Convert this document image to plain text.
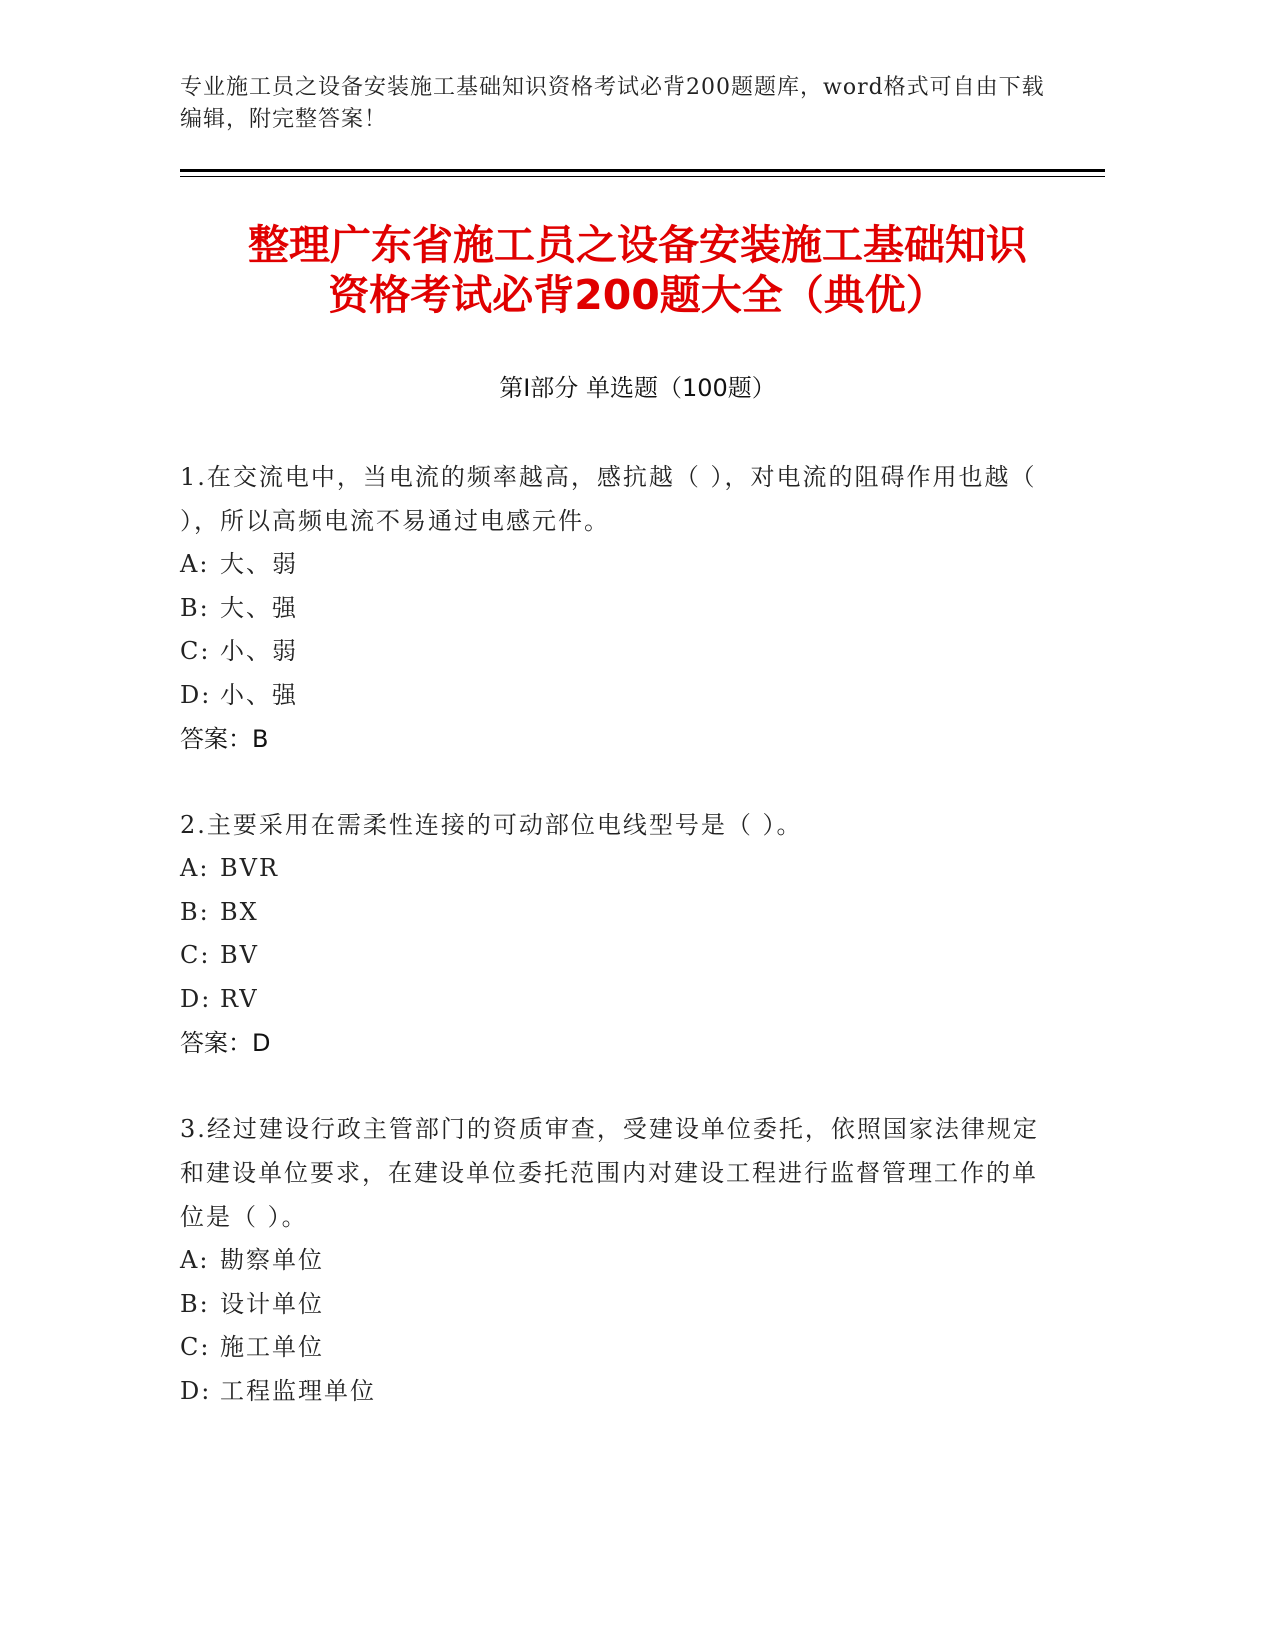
专业施工员之设备安装施工基础知识资格考试必背200题题库，word格式可自由下载编辑，附完整答案！
整理广东省施工员之设备安装施工基础知识
资格考试必背200题大全（典优）
第Ⅰ部分 单选题（100题）
1.在交流电中，当电流的频率越高，感抗越（ ），对电流的阻碍作用也越（ ），所以高频电流不易通过电感元件。
A: 大、弱
B: 大、强
C: 小、弱
D: 小、强
答案：B
2.主要采用在需柔性连接的可动部位电线型号是（ ）。
A: BVR
B: BX
C: BV
D: RV
答案：D
3.经过建设行政主管部门的资质审查，受建设单位委托，依照国家法律规定和建设单位要求，在建设单位委托范围内对建设工程进行监督管理工作的单位是（ ）。
A: 勘察单位
B: 设计单位
C: 施工单位
D: 工程监理单位
